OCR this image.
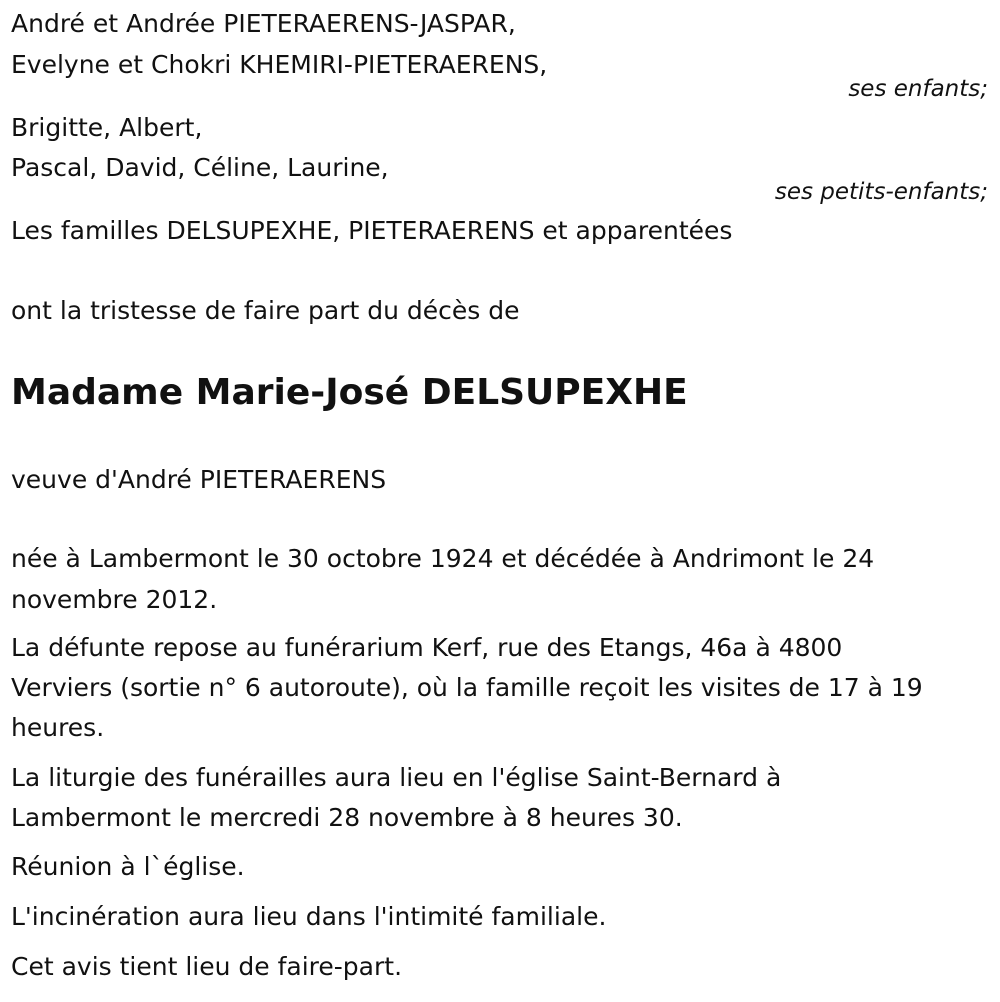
André et Andrée PIETERAERENS-JASPAR,

Evelyne et Chokri KHEMIRI-PIETERAERENS,

ses enfants;

Brigitte, Albert,

Pascal, David, Céline, Laurine,

ses petits-enfants;

Les familles DELSUPEXHE, PIETERAERENS et apparentées

ont la tristesse de faire part du décès de

Madame Marie-José DELSUPEXHE

veuve d'André PIETERAERENS

née à Lambermont le 30 octobre 1924 et décédée à Andrimont le 24

novembre 2012.

La défunte repose au funérarium Kerf, rue des Etangs, 46a à 4800

Verviers (sortie n° 6 autoroute), où la famille reçoit les visites de 17 à 19

heures.

La liturgie des funérailles aura lieu en l'église Saint-Bernard à

Lambermont le mercredi 28 novembre à 8 heures 30.

Réunion à l`église.

L'incinération aura lieu dans l'intimité familiale.

Cet avis tient lieu de faire-part.
